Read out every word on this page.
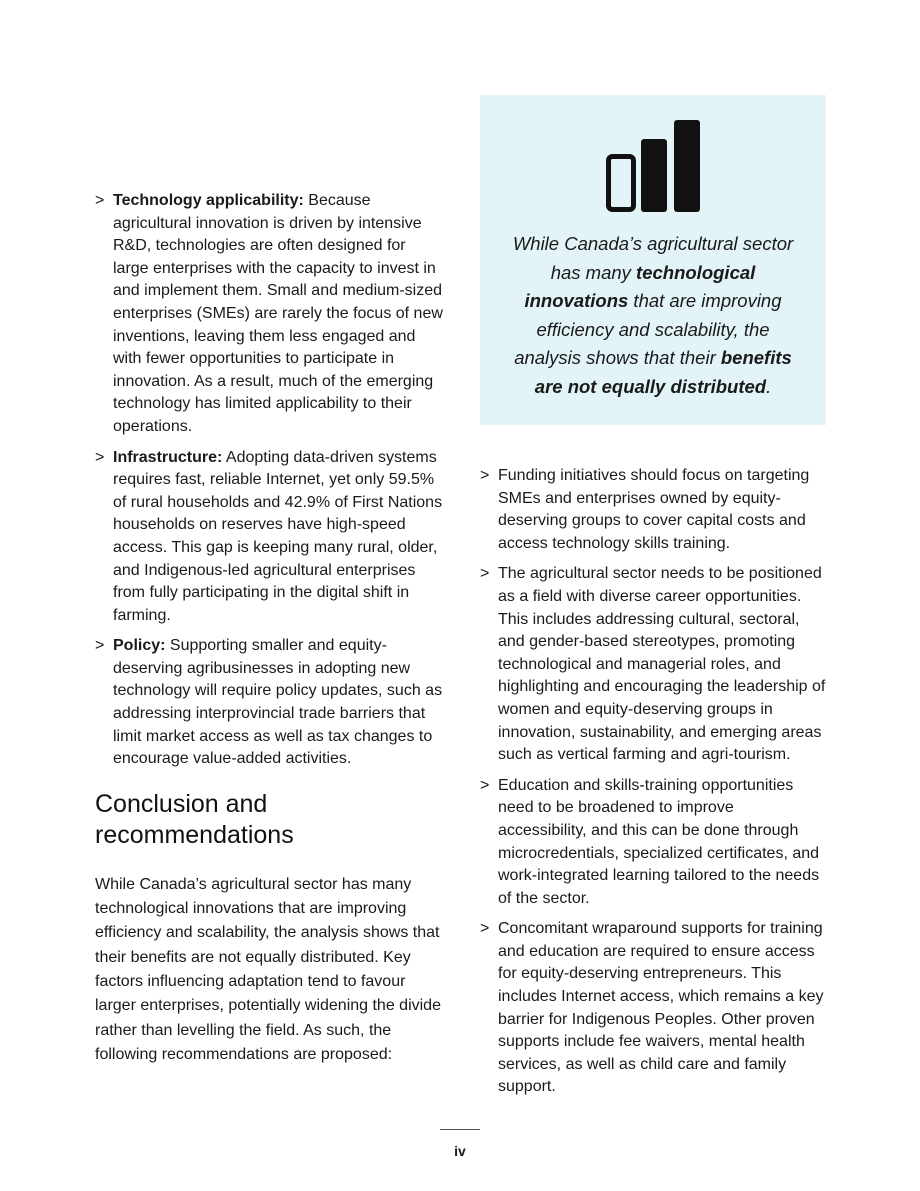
> Technology applicability: Because agricultural innovation is driven by intensive R&D, technologies are often designed for large enterprises with the capacity to invest in and implement them. Small and medium-sized enterprises (SMEs) are rarely the focus of new inventions, leaving them less engaged and with fewer opportunities to participate in innovation. As a result, much of the emerging technology has limited applicability to their operations.
> Infrastructure: Adopting data-driven systems requires fast, reliable Internet, yet only 59.5% of rural households and 42.9% of First Nations households on reserves have high-speed access. This gap is keeping many rural, older, and Indigenous-led agricultural enterprises from fully participating in the digital shift in farming.
> Policy: Supporting smaller and equity-deserving agribusinesses in adopting new technology will require policy updates, such as addressing interprovincial trade barriers that limit market access as well as tax changes to encourage value-added activities.
Conclusion and recommendations

While Canada’s agricultural sector has many technological innovations that are improving efficiency and scalability, the analysis shows that their benefits are not equally distributed. Key factors influencing adaptation tend to favour larger enterprises, potentially widening the divide rather than levelling the field. As such, the following recommendations are proposed:

While Canada’s agricultural sector has many technological innovations that are improving efficiency and scalability, the analysis shows that their benefits are not equally distributed.

> Funding initiatives should focus on targeting SMEs and enterprises owned by equity-deserving groups to cover capital costs and access technology skills training.
> The agricultural sector needs to be positioned as a field with diverse career opportunities. This includes addressing cultural, sectoral, and gender-based stereotypes, promoting technological and managerial roles, and highlighting and encouraging the leadership of women and equity-deserving groups in innovation, sustainability, and emerging areas such as vertical farming and agri-tourism.
> Education and skills-training opportunities need to be broadened to improve accessibility, and this can be done through microcredentials, specialized certificates, and work-integrated learning tailored to the needs of the sector.
> Concomitant wraparound supports for training and education are required to ensure access for equity-deserving entrepreneurs. This includes Internet access, which remains a key barrier for Indigenous Peoples. Other proven supports include fee waivers, mental health services, as well as child care and family support.
iv
